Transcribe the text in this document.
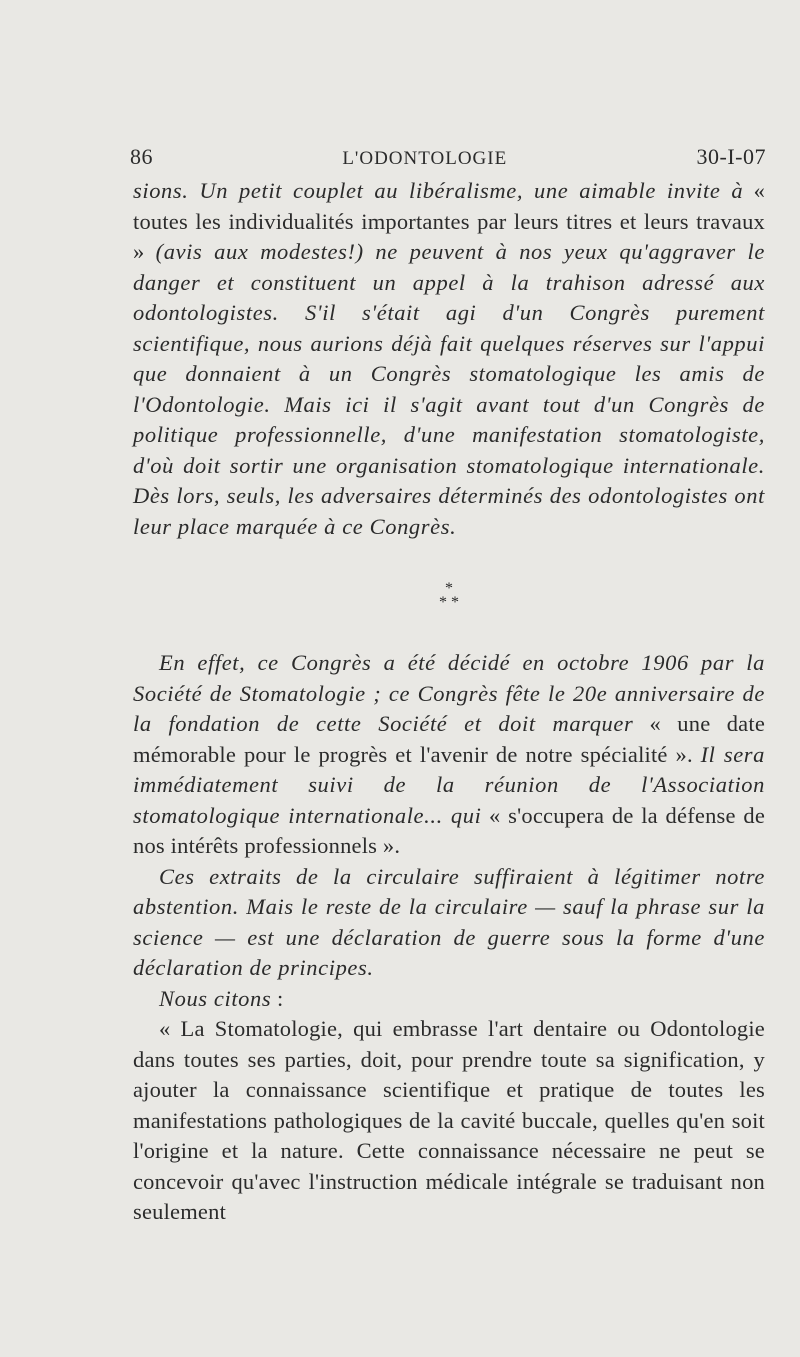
86	L'ODONTOLOGIE	30-I-07

sions. Un petit couplet au libéralisme, une aimable invite à « toutes les individualités importantes par leurs titres et leurs travaux » (avis aux modestes!) ne peuvent à nos yeux qu'aggraver le danger et constituent un appel à la trahison adressé aux odontologistes. S'il s'était agi d'un Congrès purement scientifique, nous aurions déjà fait quelques réserves sur l'appui que donnaient à un Congrès stomatologique les amis de l'Odontologie. Mais ici il s'agit avant tout d'un Congrès de politique professionnelle, d'une manifestation stomatologiste, d'où doit sortir une organisation stomatologique internationale. Dès lors, seuls, les adversaires déterminés des odontologistes ont leur place marquée à ce Congrès.

*
* *

En effet, ce Congrès a été décidé en octobre 1906 par la Société de Stomatologie ; ce Congrès fête le 20e anniversaire de la fondation de cette Société et doit marquer « une date mémorable pour le progrès et l'avenir de notre spécialité ». Il sera immédiatement suivi de la réunion de l'Association stomatologique internationale... qui « s'occupera de la défense de nos intérêts professionnels ».

Ces extraits de la circulaire suffiraient à légitimer notre abstention. Mais le reste de la circulaire — sauf la phrase sur la science — est une déclaration de guerre sous la forme d'une déclaration de principes.

Nous citons :

« La Stomatologie, qui embrasse l'art dentaire ou Odontologie dans toutes ses parties, doit, pour prendre toute sa signification, y ajouter la connaissance scientifique et pratique de toutes les manifestations pathologiques de la cavité buccale, quelles qu'en soit l'origine et la nature. Cette connaissance nécessaire ne peut se concevoir qu'avec l'instruction médicale intégrale se traduisant non seulement
